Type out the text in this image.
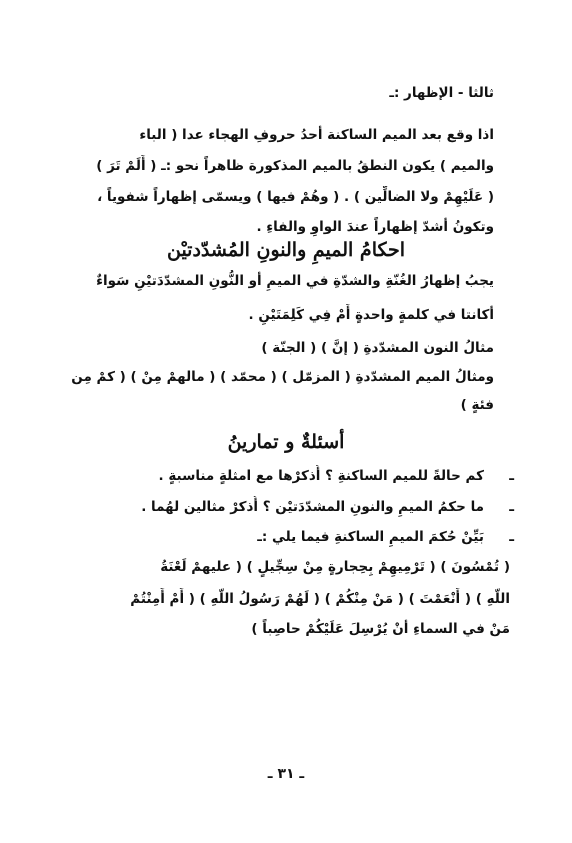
ثالثا - الإظهار :ـ
اذا وقع بعد الميم الساكنة أحدُ حروفِ الهجاء عدا ( الباء
والميم ) يكون النطقُ بالميم المذكورة ظاهراً نحو :ـ ( أَلَمْ تَرَ )
( عَلَيْهِمْ ولا الضالِّين ) . ( وهُمْ فيها ) ويسمّى إظهاراً شفوياً ،
وتكونُ أشدّ إظهاراً عندَ الواوِ والفاءِ .
احكامُ الميمِ والنونِ المُشدّدتيْن
يجبُ إظهارُ الغُنّةِ والشدّةِ في الميمِ أو النُّونِ المشدّدَتيْنِ سَواءٌ
أكانتا في كلمةٍ واحدةٍ أَمْ فِي كَلِمَتَيْنِ .
مثالُ النون المشدّدةِ ( إنَّ ) ( الجنّة )
ومثالُ الميم المشدّدةِ ( المزمّل ) ( محمّد ) ( مالهمْ مِنْ ) ( كمْ مِن
فئةٍ )
أسئلةٌ و تمارينُ
ـ
كم حالةً للميم الساكنةِ ؟ أُذكرْها مع امثلةٍ مناسبةٍ .
ـ
ما حكمُ الميمِ والنونِ المشدّدَتيْن ؟ أُذكرْ مثالين لهُما .
ـ
بَيِّنْ حُكمَ الميمِ الساكنةِ فيما يلي :ـ
( تُمْسُونَ ) ( تَرْمِيهِمْ بِحِجارةٍ مِنْ سِجِّيلٍ ) ( عليهمْ لَعْنَةُ
اللّهِ ) ( أَنْعَمْتَ ) ( مَنْ مِنْكُمْ ) ( لَهُمْ رَسُولُ اللّهِ ) ( أَمْ أَمِنْتُمْ
مَنْ في السماءِ أنْ يُرْسِلَ عَلَيْكُمْ حاصِباً )
ـ ٣١ ـ
